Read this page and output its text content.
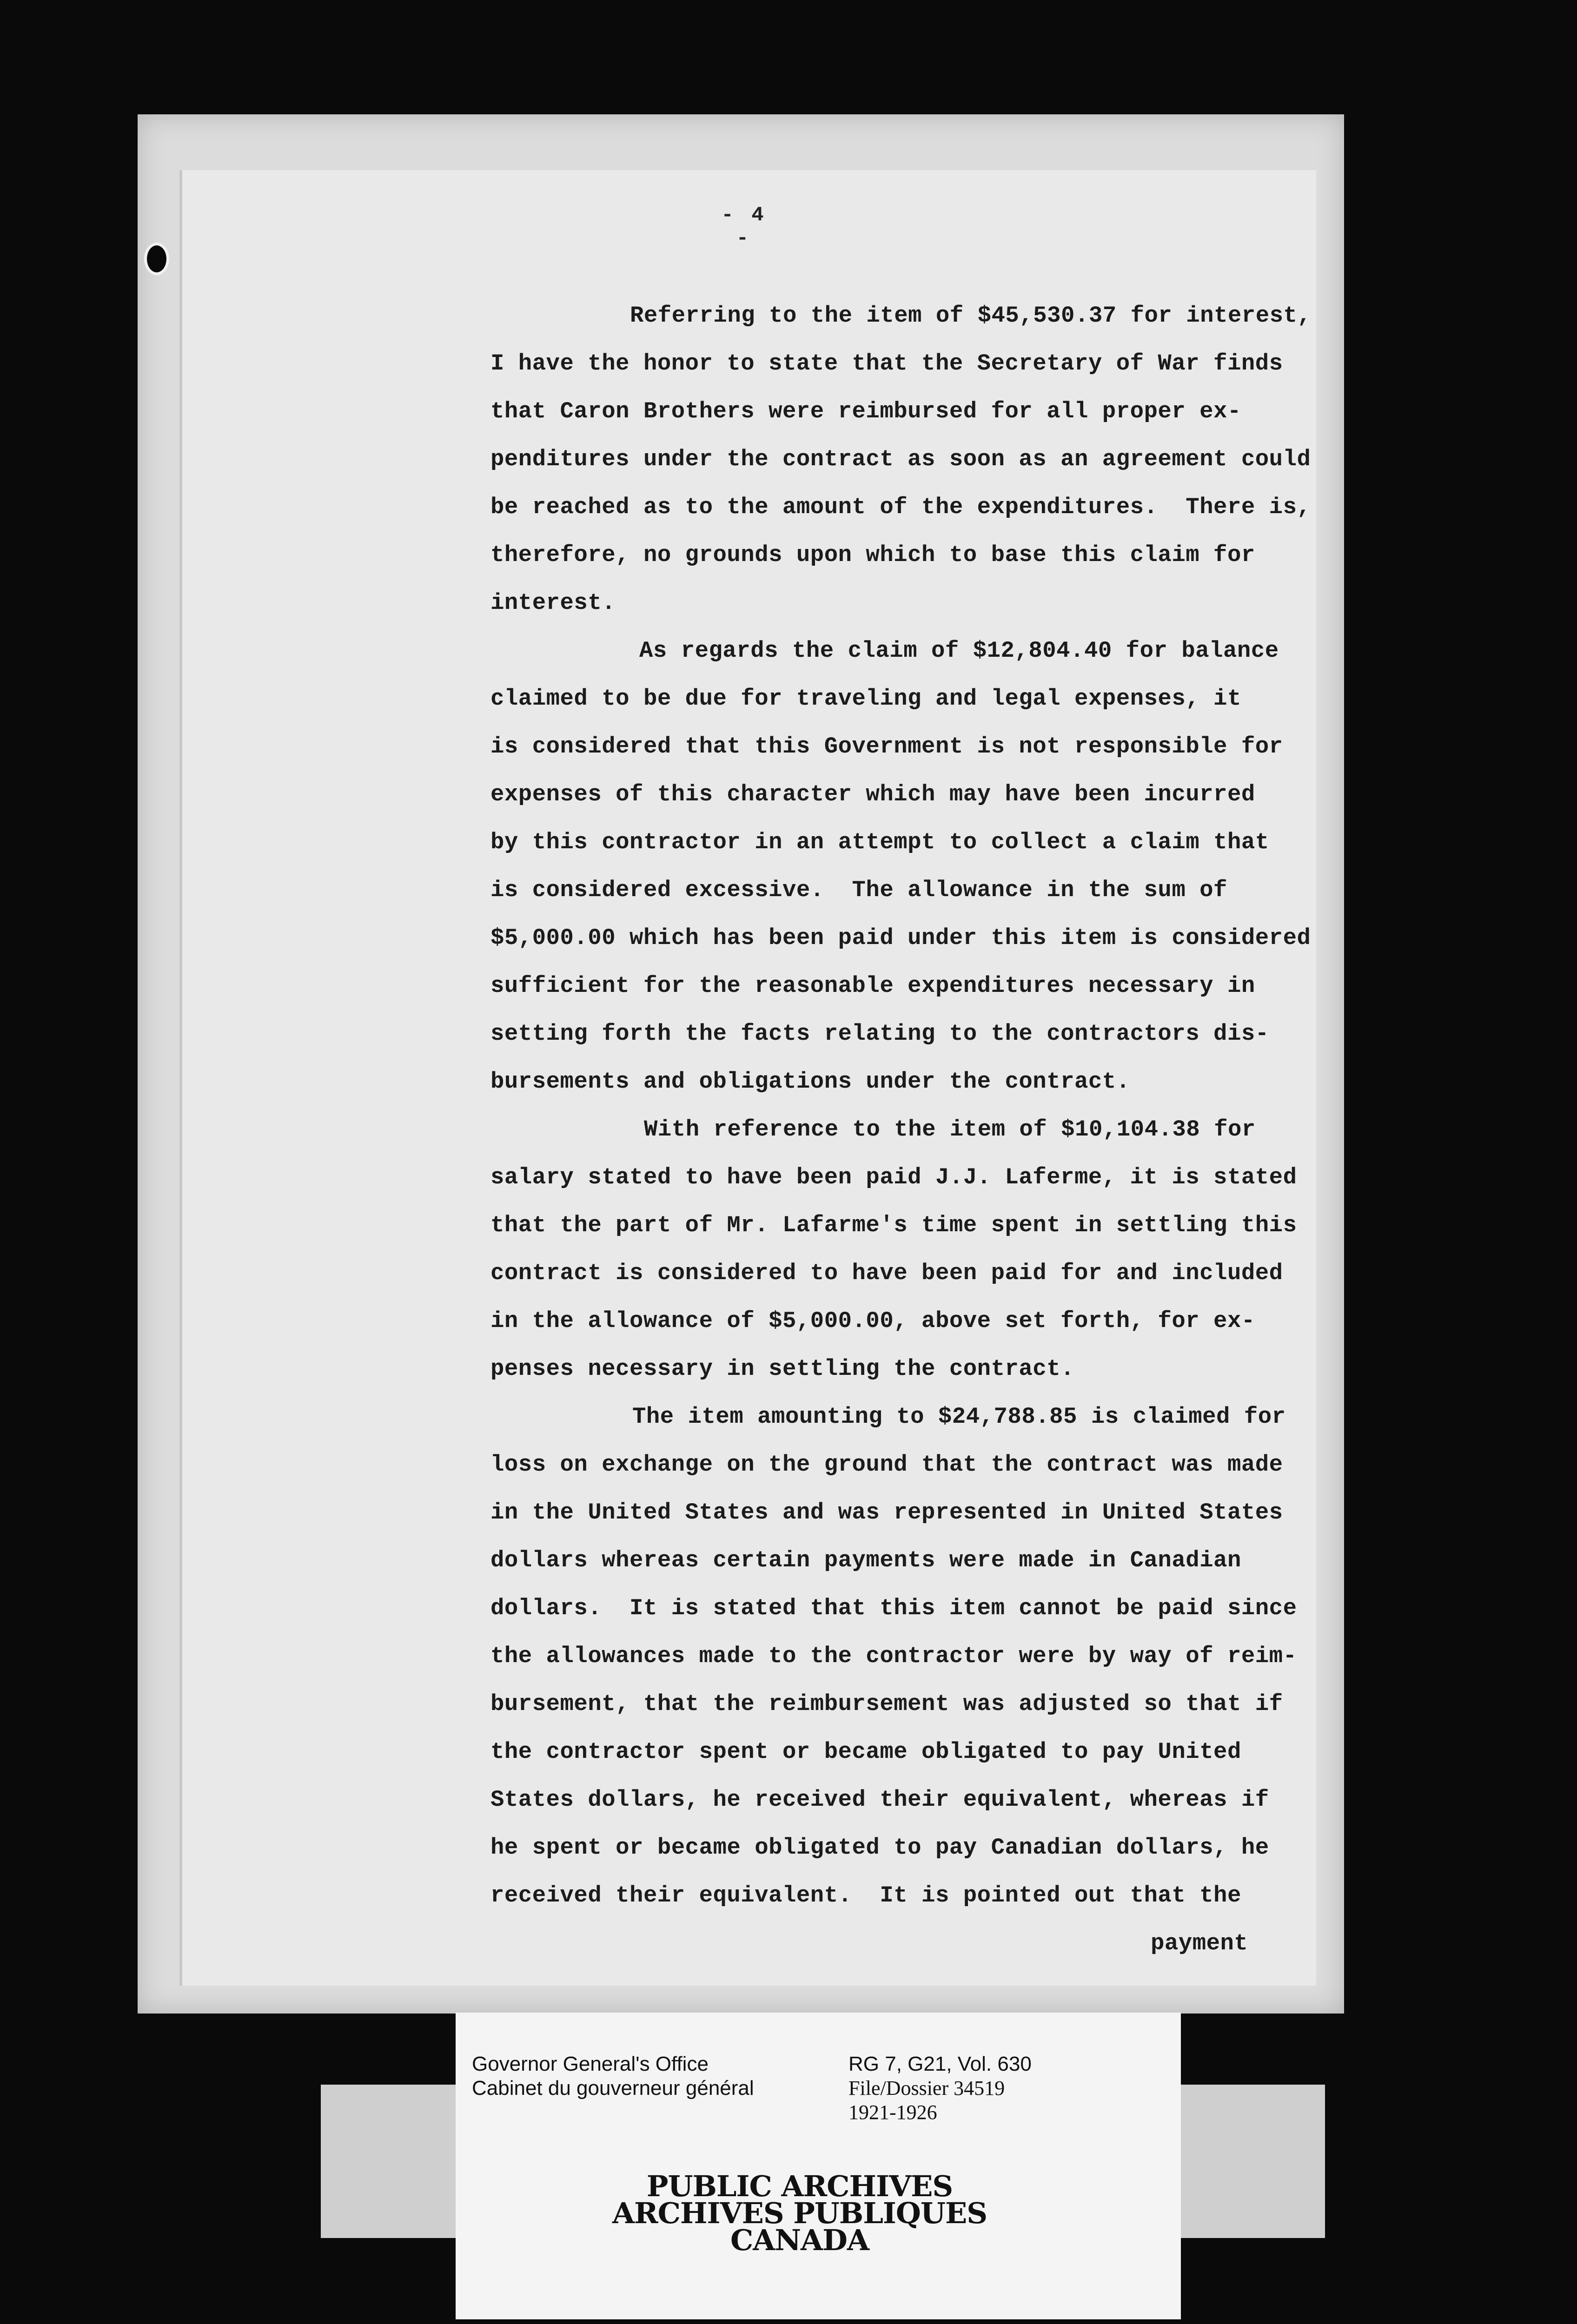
- 4 -
Referring to the item of $45,530.37 for interest,
I have the honor to state that the Secretary of War finds
that Caron Brothers were reimbursed for all proper ex-
penditures under the contract as soon as an agreement could
be reached as to the amount of the expenditures.  There is,
therefore, no grounds upon which to base this claim for
interest.
As regards the claim of $12,804.40 for balance
claimed to be due for traveling and legal expenses, it
is considered that this Government is not responsible for
expenses of this character which may have been incurred
by this contractor in an attempt to collect a claim that
is considered excessive.  The allowance in the sum of
$5,000.00 which has been paid under this item is considered
sufficient for the reasonable expenditures necessary in
setting forth the facts relating to the contractors dis-
bursements and obligations under the contract.
With reference to the item of $10,104.38 for
salary stated to have been paid J.J. Laferme, it is stated
that the part of Mr. Lafarme's time spent in settling this
contract is considered to have been paid for and included
in the allowance of $5,000.00, above set forth, for ex-
penses necessary in settling the contract.
The item amounting to $24,788.85 is claimed for
loss on exchange on the ground that the contract was made
in the United States and was represented in United States
dollars whereas certain payments were made in Canadian
dollars.  It is stated that this item cannot be paid since
the allowances made to the contractor were by way of reim-
bursement, that the reimbursement was adjusted so that if
the contractor spent or became obligated to pay United
States dollars, he received their equivalent, whereas if
he spent or became obligated to pay Canadian dollars, he
received their equivalent.  It is pointed out that the
payment
Governor General's Office
Cabinet du gouverneur général
RG 7, G21, Vol. 630
File/Dossier 34519
1921-1926
PUBLIC ARCHIVES
ARCHIVES PUBLIQUES
CANADA
